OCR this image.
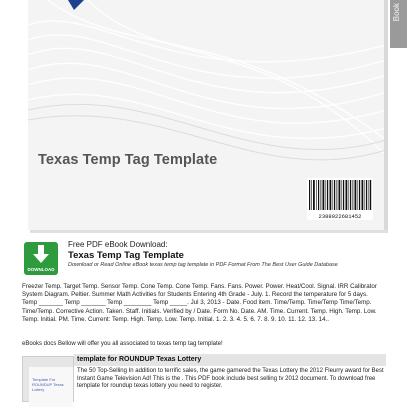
Book
Texas Temp Tag Template
2388922681452
DOWNLOAD
Free PDF eBook Download:
Texas Temp Tag Template
Download or Read Online eBook texas temp tag template in PDF Format From The Best User Guide Database
Freezer Temp. Target Temp. Sensor Temp. Cone Temp. Cone Temp. Fans. Fans. Power. Power. Heat/Cool. Signal. IRR Calibrator System Diagram. Peltier. Summer Math Activities for Students Entering 4th Grade - July. 1. Record the temperature for 5 days. Temp _______ Temp _______ Temp ________ Temp _____. Jul 3, 2013 - Date. Food item. Time/Temp. Time/Temp Time/Temp. Time/Temp. Corrective Action. Taken. Staff. Initials. Verified by / Date. Form No. Date. AM. Time. Current. Temp. High. Temp. Low. Temp. Initial. PM. Time. Current: Temp. High. Temp. Low. Temp. Initial. 1. 2. 3. 4. 5. 6. 7. 8. 9. 10. 11. 12. 13. 14..
eBooks docs Bellow will offer you all associated to texas temp tag template!
Template For
ROUNDUP Texas
Lottery
template for ROUNDUP Texas Lottery
The 50 Top-Selling In addition to terrific sales, the game garnered the Texas Lottery the 2012 Fleurry award for Best Instant Game Television Ad! This is the . This PDF book include best selling tv 2012 document. To download free template for roundup texas lottery you need to register.
